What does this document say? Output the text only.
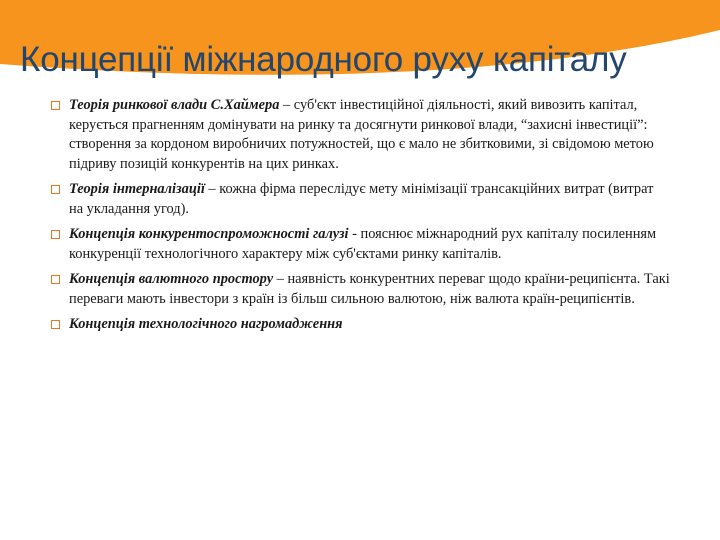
Концепції міжнародного руху капіталу
Теорія ринкової влади С.Хаймера – суб'єкт інвестиційної діяльності, який вивозить капітал, керується прагненням домінувати на ринку та досягнути ринкової влади, “захисні інвестиції”: створення за кордоном виробничих потужностей, що є мало не збитковими, зі свідомою метою підриву позицій конкурентів на цих ринках.
Теорія інтерналізації – кожна фірма переслідує мету мінімізації трансакційних витрат (витрат на укладання угод).
Концепція конкурентоспроможності галузі - пояснює міжнародний рух капіталу посиленням конкуренції технологічного характеру між суб'єктами ринку капіталів.
Концепція валютного простору – наявність конкурентних переваг щодо країни-реципієнта. Такі переваги мають інвестори з країн із більш сильною валютою, ніж валюта країн-реципієнтів.
Концепція технологічного нагромадження
